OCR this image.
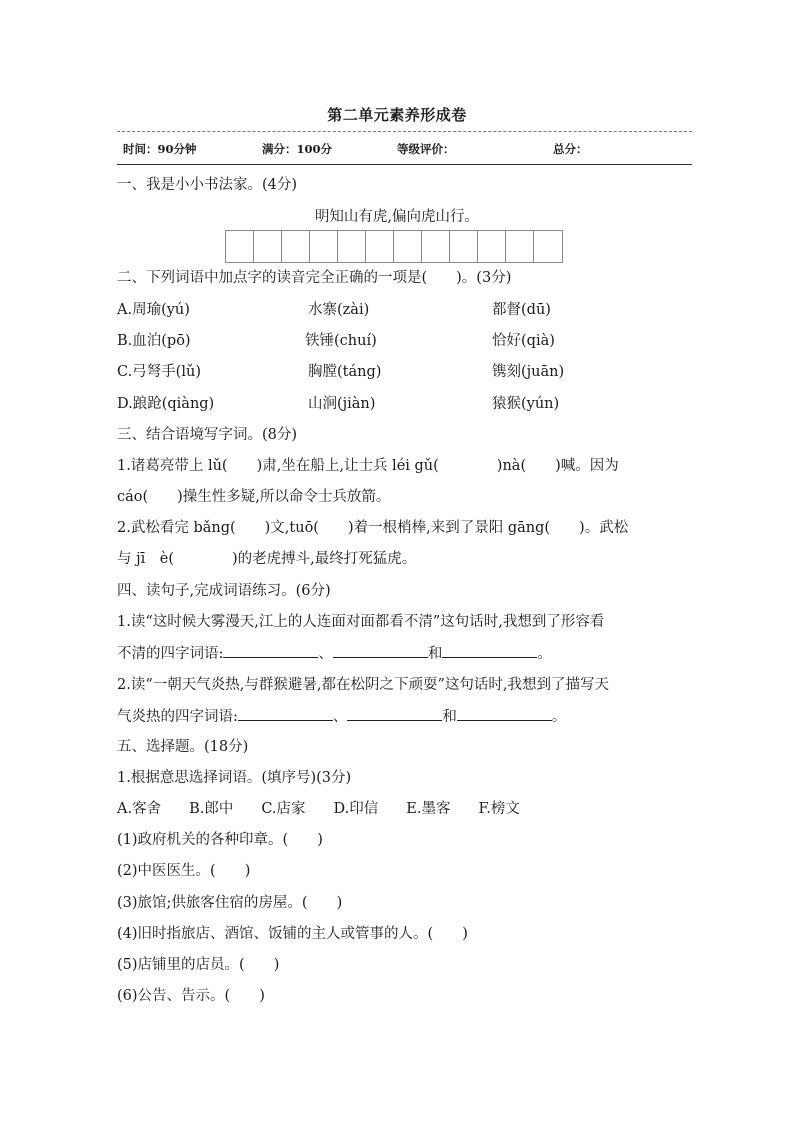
第二单元素养形成卷
时间：90分钟	满分：100分	等级评价：	总分：
一、我是小小书法家。(4分)
明知山有虎,偏向虎山行。
二、下列词语中加点字的读音完全正确的一项是(　　)。(3分)
A.周瑜(yú)	水寨(zài)	都督(dū)
B.血泊(pō)	铁锤(chuí)	恰好(qià)
C.弓弩手(lǔ)	胸膛(táng)	镌刻(juān)
D.踉跄(qiàng)	山涧(jiàn)	猿猴(yún)
三、结合语境写字词。(8分)
1.诸葛亮带上 lǔ(　　)肃,坐在船上,让士兵 léi gǔ(　　　　)nà(　　)喊。因为
cáo(　　)操生性多疑,所以命令士兵放箭。
2.武松看完 bǎng(　　)文,tuō(　　)着一根梢棒,来到了景阳 gāng(　　)。武松
与 jī　è(　　　　)的老虎搏斗,最终打死猛虎。
四、读句子,完成词语练习。(6分)
1.读“这时候大雾漫天,江上的人连面对面都看不清”这句话时,我想到了形容看
不清的四字词语:	、	和	。
2.读“一朝天气炎热,与群猴避暑,都在松阴之下顽耍”这句话时,我想到了描写天
气炎热的四字词语:	、	和	。
五、选择题。(18分)
1.根据意思选择词语。(填序号)(3分)
A.客舍 B.郎中 C.店家 D.印信 E.墨客 F.榜文
(1)政府机关的各种印章。(　　)
(2)中医医生。(　　)
(3)旅馆;供旅客住宿的房屋。(　　)
(4)旧时指旅店、酒馆、饭铺的主人或管事的人。(　　)
(5)店铺里的店员。(　　)
(6)公告、告示。(　　)
